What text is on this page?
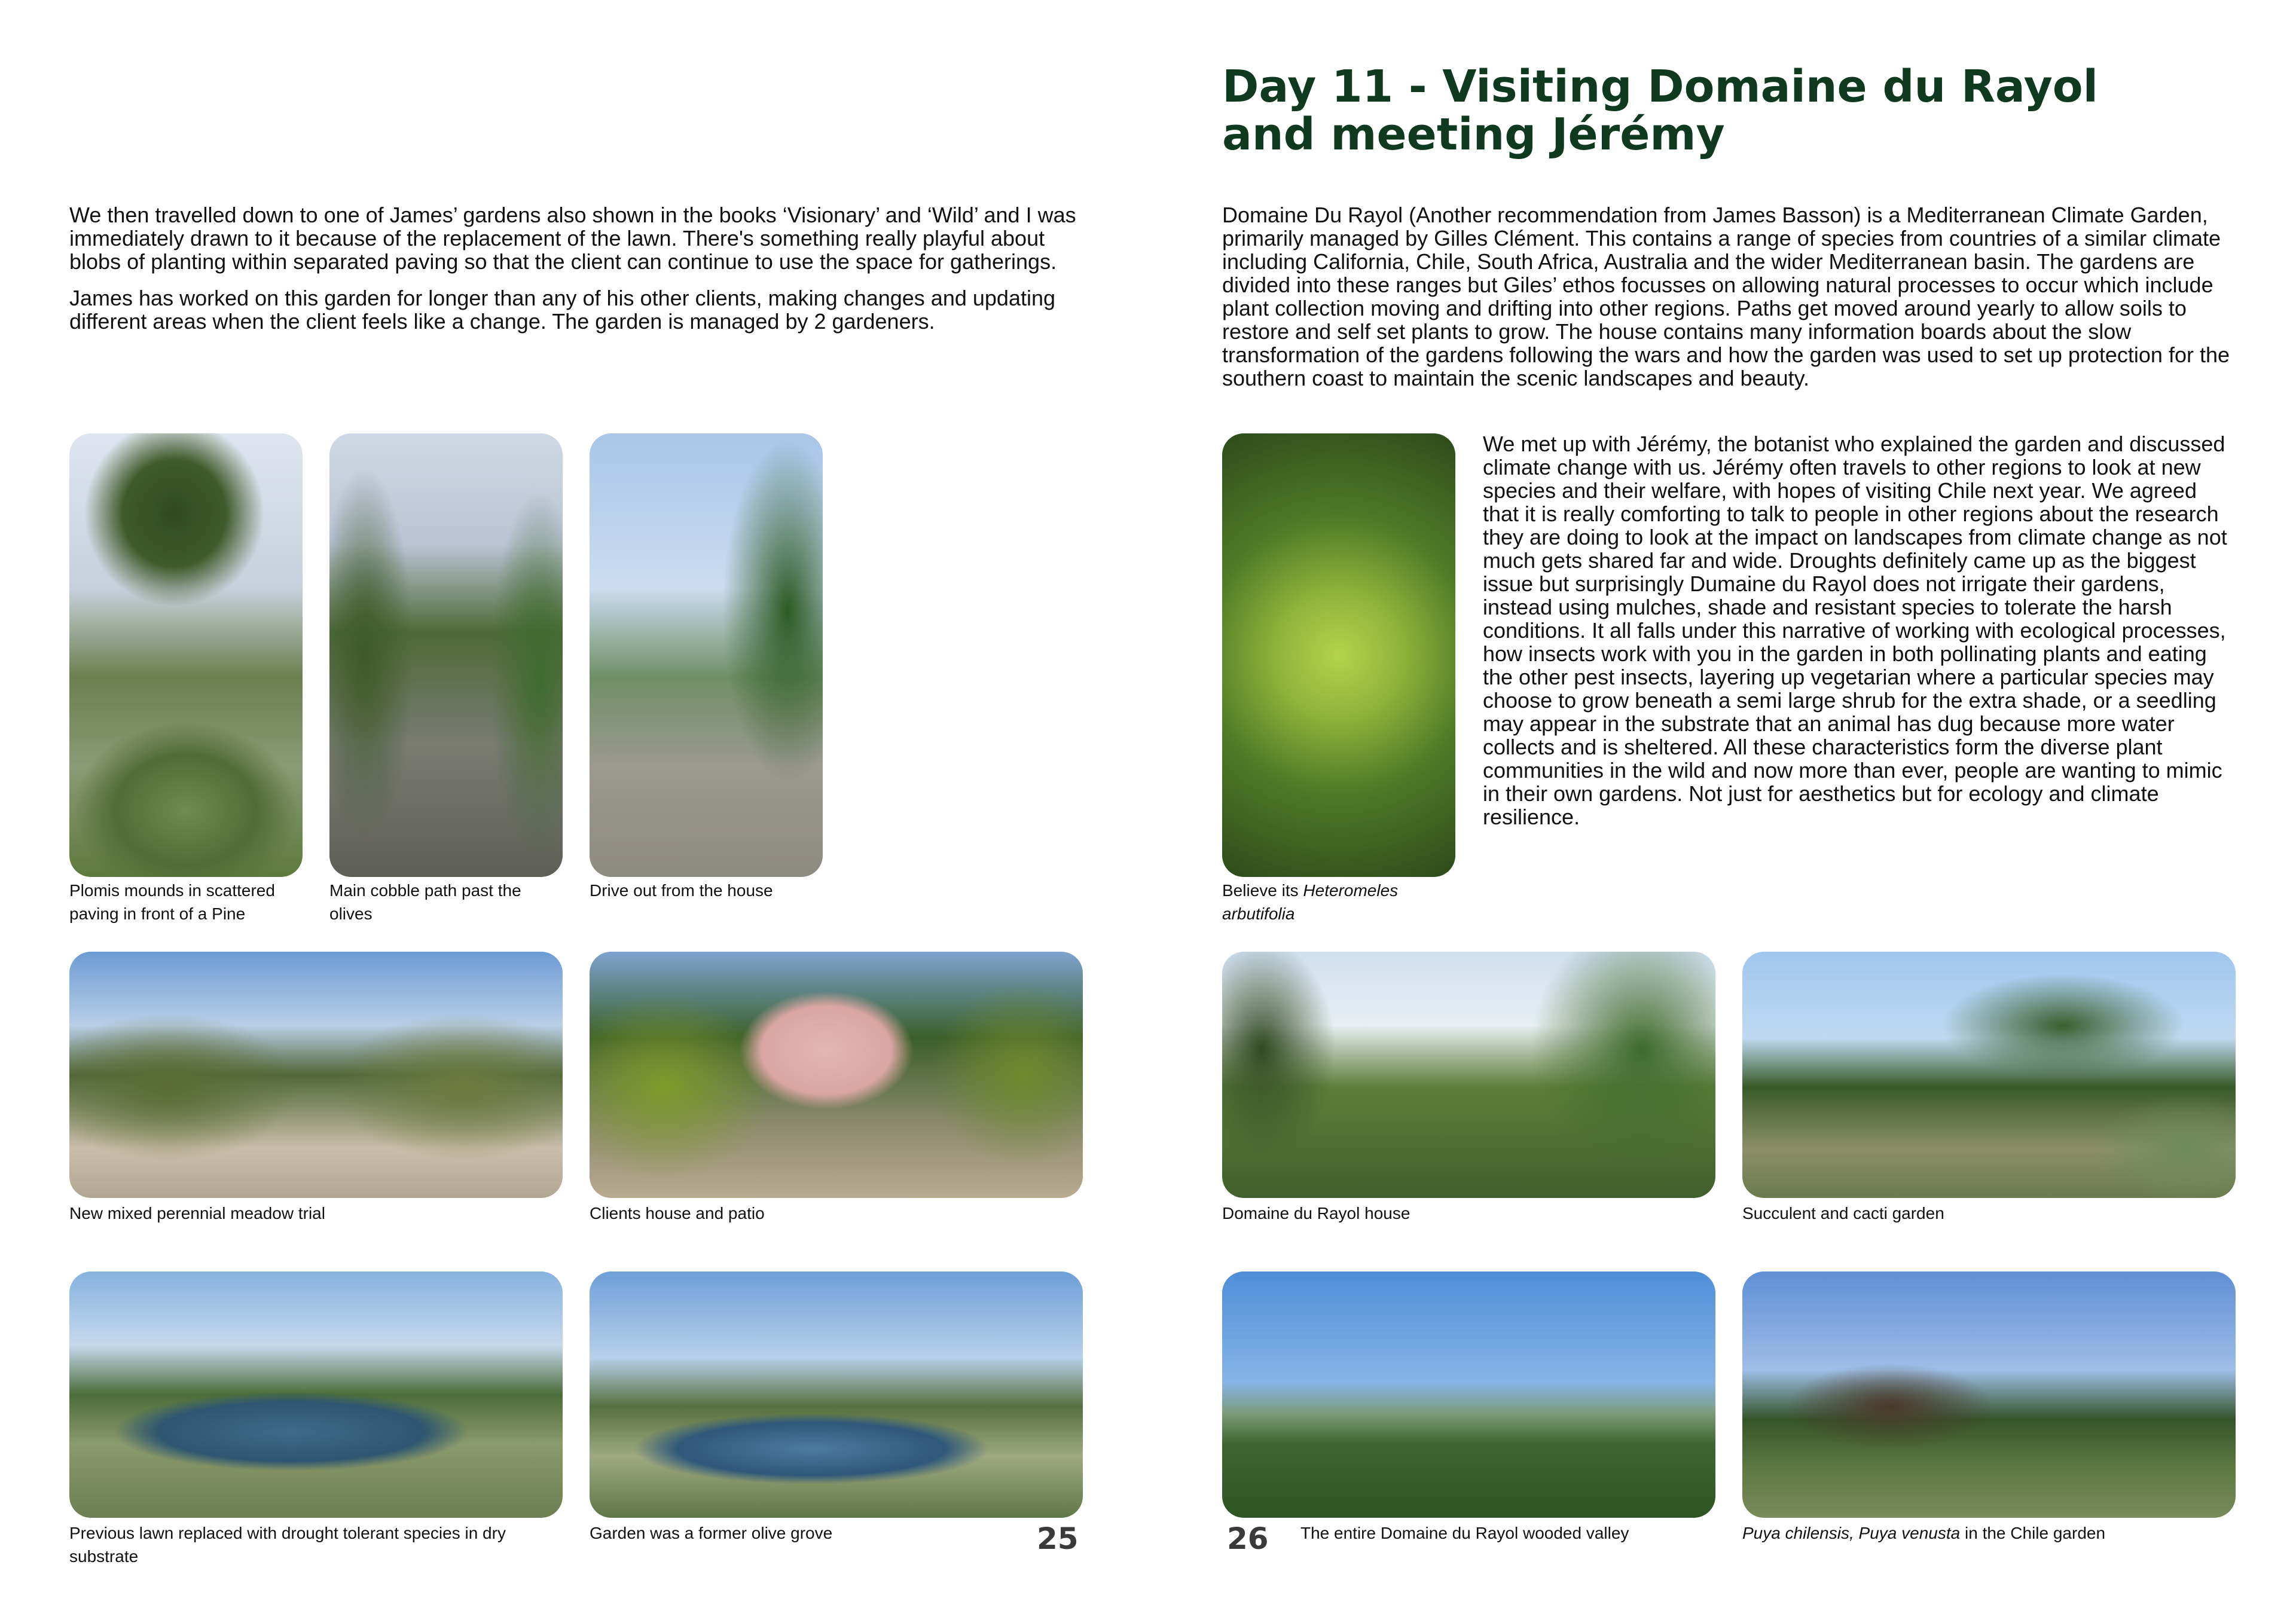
We then travelled down to one of James’ gardens also shown in the books ‘Visionary’ and ‘Wild’ and I was immediately drawn to it because of the replacement of the lawn. There's something really playful about blobs of planting within separated paving so that the client can continue to use the space for gatherings.

James has worked on this garden for longer than any of his other clients, making changes and updating different areas when the client feels like a change. The garden is managed by 2 gardeners.

Plomis mounds in scattered paving in front of a Pine
Main cobble path past the olives
Drive out from the house
New mixed perennial meadow trial	Clients house and patio
Previous lawn replaced with drought tolerant species in dry substrate
Garden was a former olive grove	25
Day 11 - Visiting Domaine du Rayol and meeting Jérémy

Domaine Du Rayol (Another recommendation from James Basson) is a Mediterranean Climate Garden, primarily managed by Gilles Clément. This contains a range of species from countries of a similar climate including California, Chile, South Africa, Australia and the wider Mediterranean basin. The gardens are divided into these ranges but Giles’ ethos focusses on allowing natural processes to occur which include plant collection moving and drifting into other regions. Paths get moved around yearly to allow soils to restore and self set plants to grow. The house contains many information boards about the slow transformation of the gardens following the wars and how the garden was used to set up protection for the southern coast to maintain the scenic landscapes and beauty.

Believe its Heteromeles arbutifolia

We met up with Jérémy, the botanist who explained the garden and discussed climate change with us. Jérémy often travels to other regions to look at new species and their welfare, with hopes of visiting Chile next year. We agreed that it is really comforting to talk to people in other regions about the research they are doing to look at the impact on landscapes from climate change as not much gets shared far and wide. Droughts definitely came up as the biggest issue but surprisingly Dumaine du Rayol does not irrigate their gardens, instead using mulches, shade and resistant species to tolerate the harsh conditions. It all falls under this narrative of working with ecological processes, how insects work with you in the garden in both pollinating plants and eating the other pest insects, layering up vegetarian where a particular species may choose to grow beneath a semi large shrub for the extra shade, or a seedling may appear in the substrate that an animal has dug because more water collects and is sheltered. All these characteristics form the diverse plant communities in the wild and now more than ever, people are wanting to mimic in their own gardens. Not just for aesthetics but for ecology and climate resilience.

Domaine du Rayol house	Succulent and cacti garden
26 The entire Domaine du Rayol wooded valley	Puya chilensis, Puya venusta in the Chile garden
